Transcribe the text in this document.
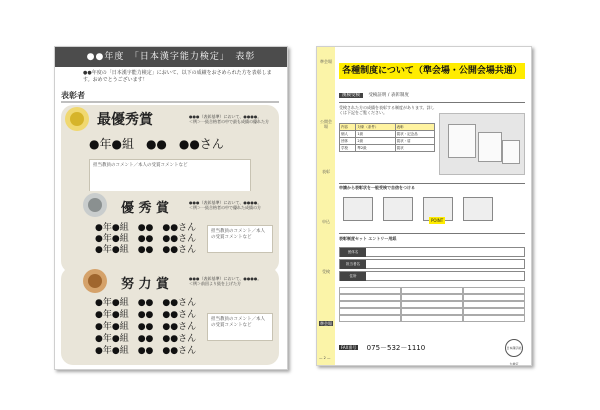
●●年度　「日本漢字能力検定」　表彰
●●年度の「日本漢字能力検定」において、以下の成績をおさめられた方を表彰します。おめでとうございます！
表彰者
最優秀賞	●●●（表彰基準）において、●●●●。
＜例＞一級合格者の中で最も成績の優れた方
●年●組　●●　●●さん
担当教員のコメント／本人の受賞コメントなど
優 秀 賞	●●●（表彰基準）において、●●●●。
＜例＞一級合格者の中で優れた成績の方
●年●組　●●　●●さん
●年●組　●●　●●さん
●年●組　●●　●●さん
担当教員のコメント／本人の受賞コメントなど
努 力 賞	●●●（表彰基準）において、●●●●。
＜例＞前回より級を上げた方
●年●組　●●　●●さん
●年●組　●●　●●さん
●年●組　●●　●●さん
●年●組　●●　●●さん
●年●組　●●　●●さん
担当教員のコメント／本人の受賞コメントなど
準会場
公開会場
表彰
申込
受検
準会場
— 2 —
各種制度について（準会場・公開会場共通）
漢検受検 受検証明 / 表彰制度
受検された方の成績を表彰する制度があります。詳しくは下記をご覧ください。
内容	対象（条件）	表彰
個人	1級	賞状・記念品
団体	2級	賞状・盾
学校	準2級	賞状
申請から表彰状を一般受検で自信をつける
POINT
表彰制度セット エントリー用紙
団体名
担当者名
住所
日本漢字能力検定
FAX番号 075－532－1110
